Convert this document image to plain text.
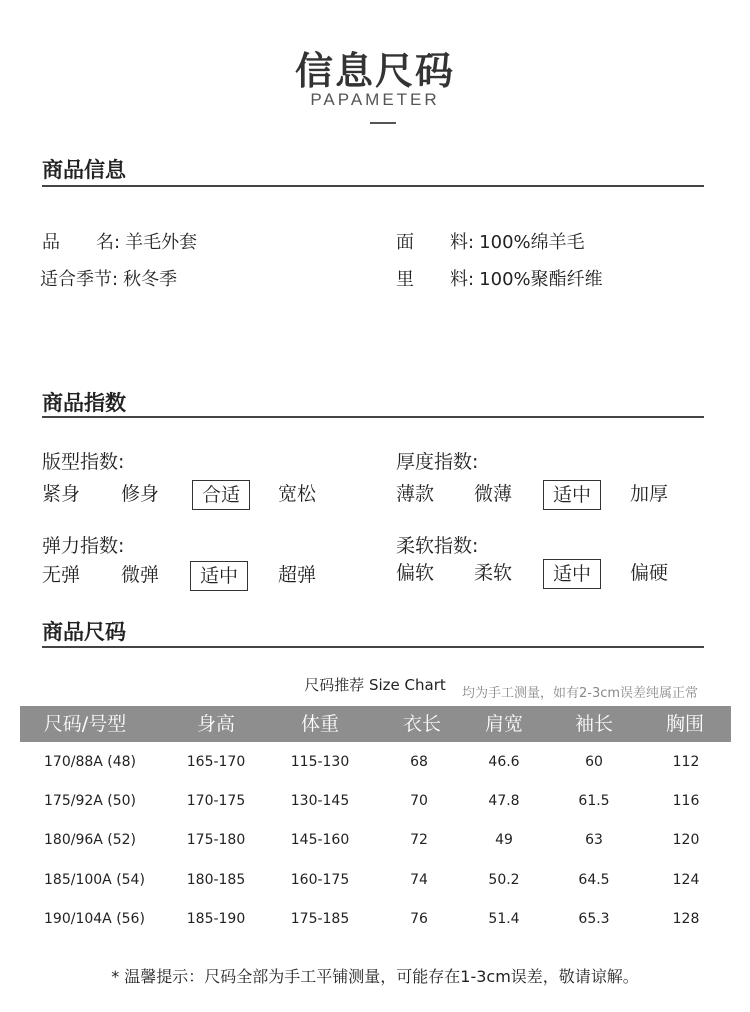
信息尺码
PAPAMETER
商品信息
品　　名: 羊毛外套	面　　料: 100%绵羊毛
适合季节: 秋冬季	里　　料: 100%聚酯纤维
商品指数
版型指数:
紧身 修身	合适	宽松
厚度指数:
薄款 微薄	适中	加厚
弹力指数:
无弹 微弹	适中	超弹
柔软指数:
偏软 柔软	适中	偏硬
商品尺码
尺码推荐 Size Chart	均为手工测量，如有2-3cm误差纯属正常
尺码/号型	身高	体重	衣长	肩宽	袖长	胸围
170/88A (48)	165-170	115-130	68	46.6	60	112
175/92A (50)	170-175	130-145	70	47.8	61.5	116
180/96A (52)	175-180	145-160	72	49	63	120
185/100A (54)	180-185	160-175	74	50.2	64.5	124
190/104A (56)	185-190	175-185	76	51.4	65.3	128
* 温馨提示：尺码全部为手工平铺测量，可能存在1-3cm误差，敬请谅解。
